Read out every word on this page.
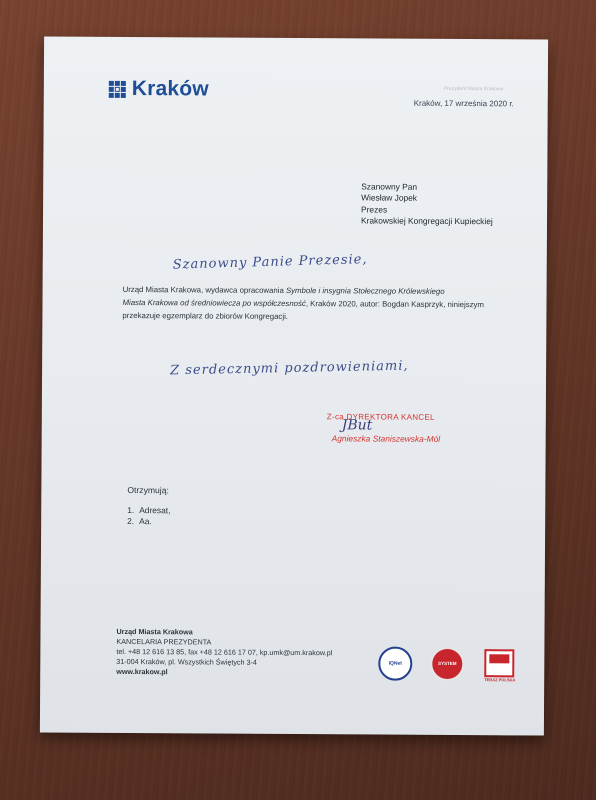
Kraków	Prezydent Miasta Krakowa
Kraków, 17 września 2020 r.
Szanowny Pan
Wiesław Jopek
Prezes
Krakowskiej Kongregacji Kupieckiej
Szanowny Panie Prezesie,

Urząd Miasta Krakowa, wydawca opracowania Symbole i insygnia Stołecznego Królewskiego

Miasta Krakowa od średniowiecza po współczesność, Kraków 2020, autor: Bogdan Kasprzyk, niniejszym

przekazuje egzemplarz do zbiorów Kongregacji.

Z serdecznymi pozdrowieniami,
Z-ca DYREKTORA KANCEL
JBut
Agnieszka Staniszewska-Mól
Otrzymują:
1. Adresat,
2. Aa.
Urząd Miasta Krakowa
KANCELARIA PREZYDENTA
tel. +48 12 616 13 85, fax +48 12 616 17 07, kp.umk@um.krakow.pl
31-004 Kraków, pl. Wszystkich Świętych 3-4
www.krakow.pl
IQNet	SYSTEM
TERAZ POLSKA
